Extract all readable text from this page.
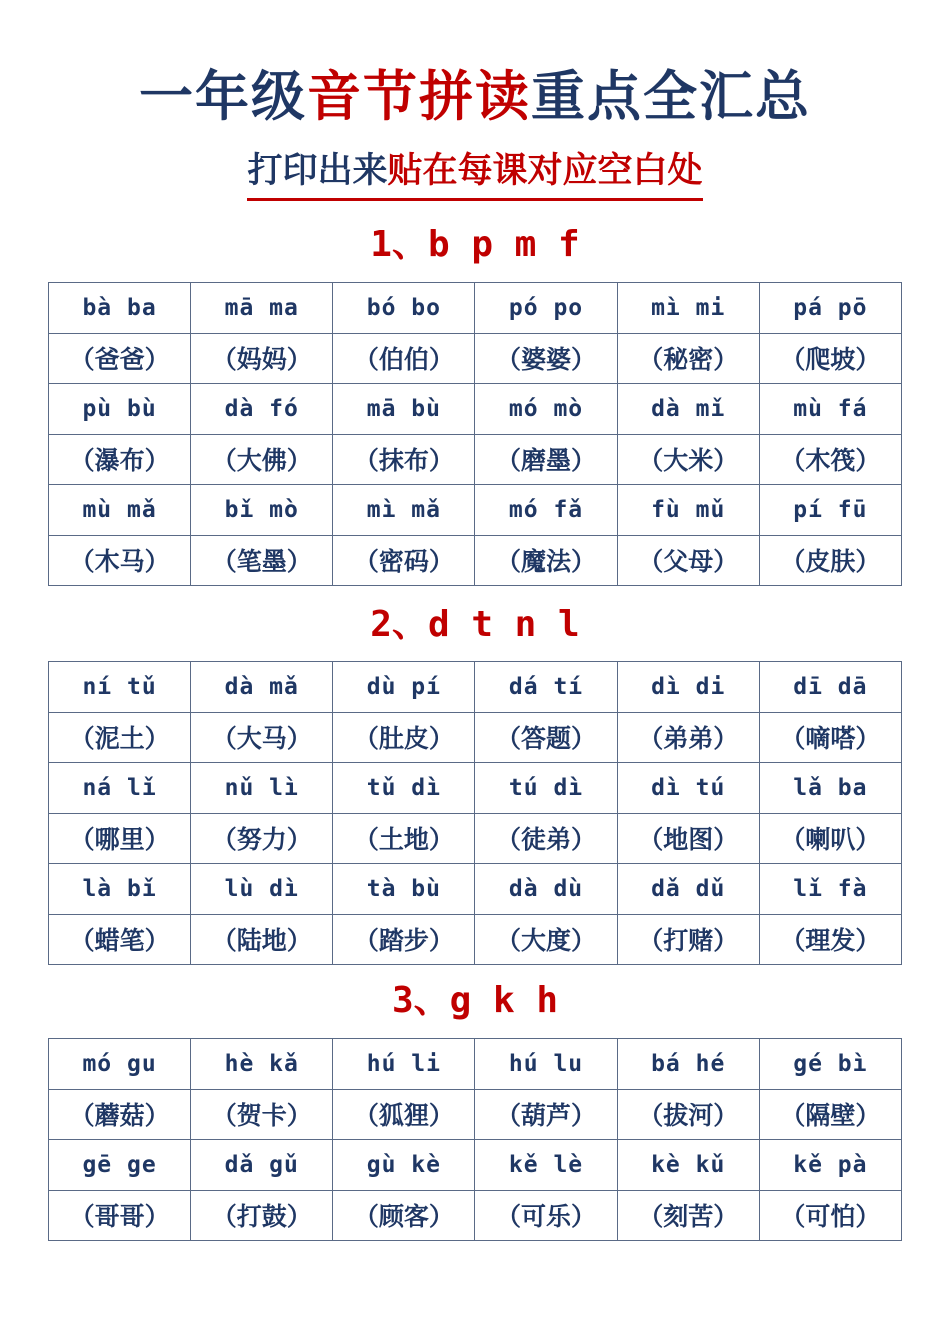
一年级音节拼读重点全汇总
打印出来贴在每课对应空白处
1、b p m f
bà ba	mā ma	bó bo	pó po	mì mi	pá pō
（爸爸）	（妈妈）	（伯伯）	（婆婆）	（秘密）	（爬坡）
pù bù	dà fó	mā bù	mó mò	dà mǐ	mù fá
（瀑布）	（大佛）	（抹布）	（磨墨）	（大米）	（木筏）
mù mǎ	bǐ mò	mì mǎ	mó fǎ	fù mǔ	pí fū
（木马）	（笔墨）	（密码）	（魔法）	（父母）	（皮肤）
2、d t n l
ní tǔ	dà mǎ	dù pí	dá tí	dì di	dī dā
（泥土）	（大马）	（肚皮）	（答题）	（弟弟）	（嘀嗒）
ná lǐ	nǔ lì	tǔ dì	tú dì	dì tú	lǎ ba
（哪里）	（努力）	（土地）	（徒弟）	（地图）	（喇叭）
là bǐ	lù dì	tà bù	dà dù	dǎ dǔ	lǐ fà
（蜡笔）	（陆地）	（踏步）	（大度）	（打赌）	（理发）
3、g k h
mó gu	hè kǎ	hú li	hú lu	bá hé	gé bì
（蘑菇）	（贺卡）	（狐狸）	（葫芦）	（拔河）	（隔壁）
gē ge	dǎ gǔ	gù kè	kě lè	kè kǔ	kě pà
（哥哥）	（打鼓）	（顾客）	（可乐）	（刻苦）	（可怕）
